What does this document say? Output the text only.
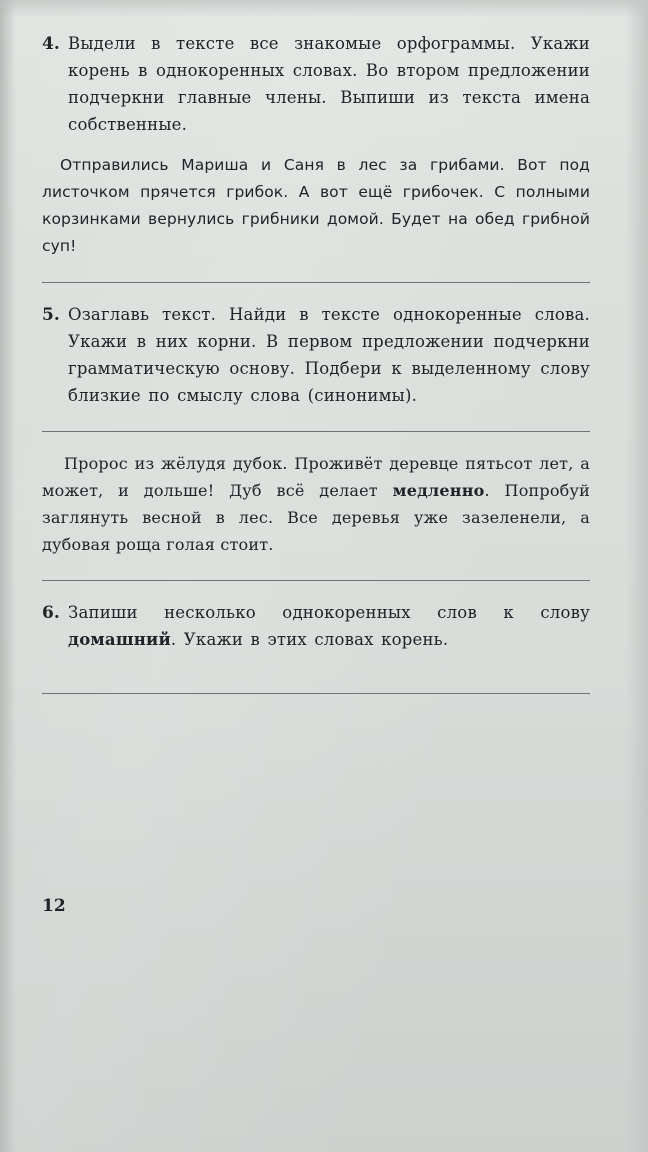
4. Выдели в тексте все знакомые орфограммы. Укажи корень в однокоренных словах. Во втором предложении подчеркни главные члены. Выпиши из текста имена собственные.
Отправились Мариша и Саня в лес за грибами. Вот под листочком прячется грибок. А вот ещё грибочек. С полными корзинками вернулись грибники домой. Будет на обед грибной суп!
5. Озаглавь текст. Найди в тексте однокоренные слова. Укажи в них корни. В первом предложении подчеркни грамматическую основу. Подбери к выделенному слову близкие по смыслу слова (синонимы).
Пророс из жёлудя дубок. Проживёт деревце пятьсот лет, а может, и дольше! Дуб всё делает медленно. Попробуй заглянуть весной в лес. Все деревья уже зазеленели, а дубовая роща голая стоит.
6. Запиши несколько однокоренных слов к слову домашний. Укажи в этих словах корень.
12
